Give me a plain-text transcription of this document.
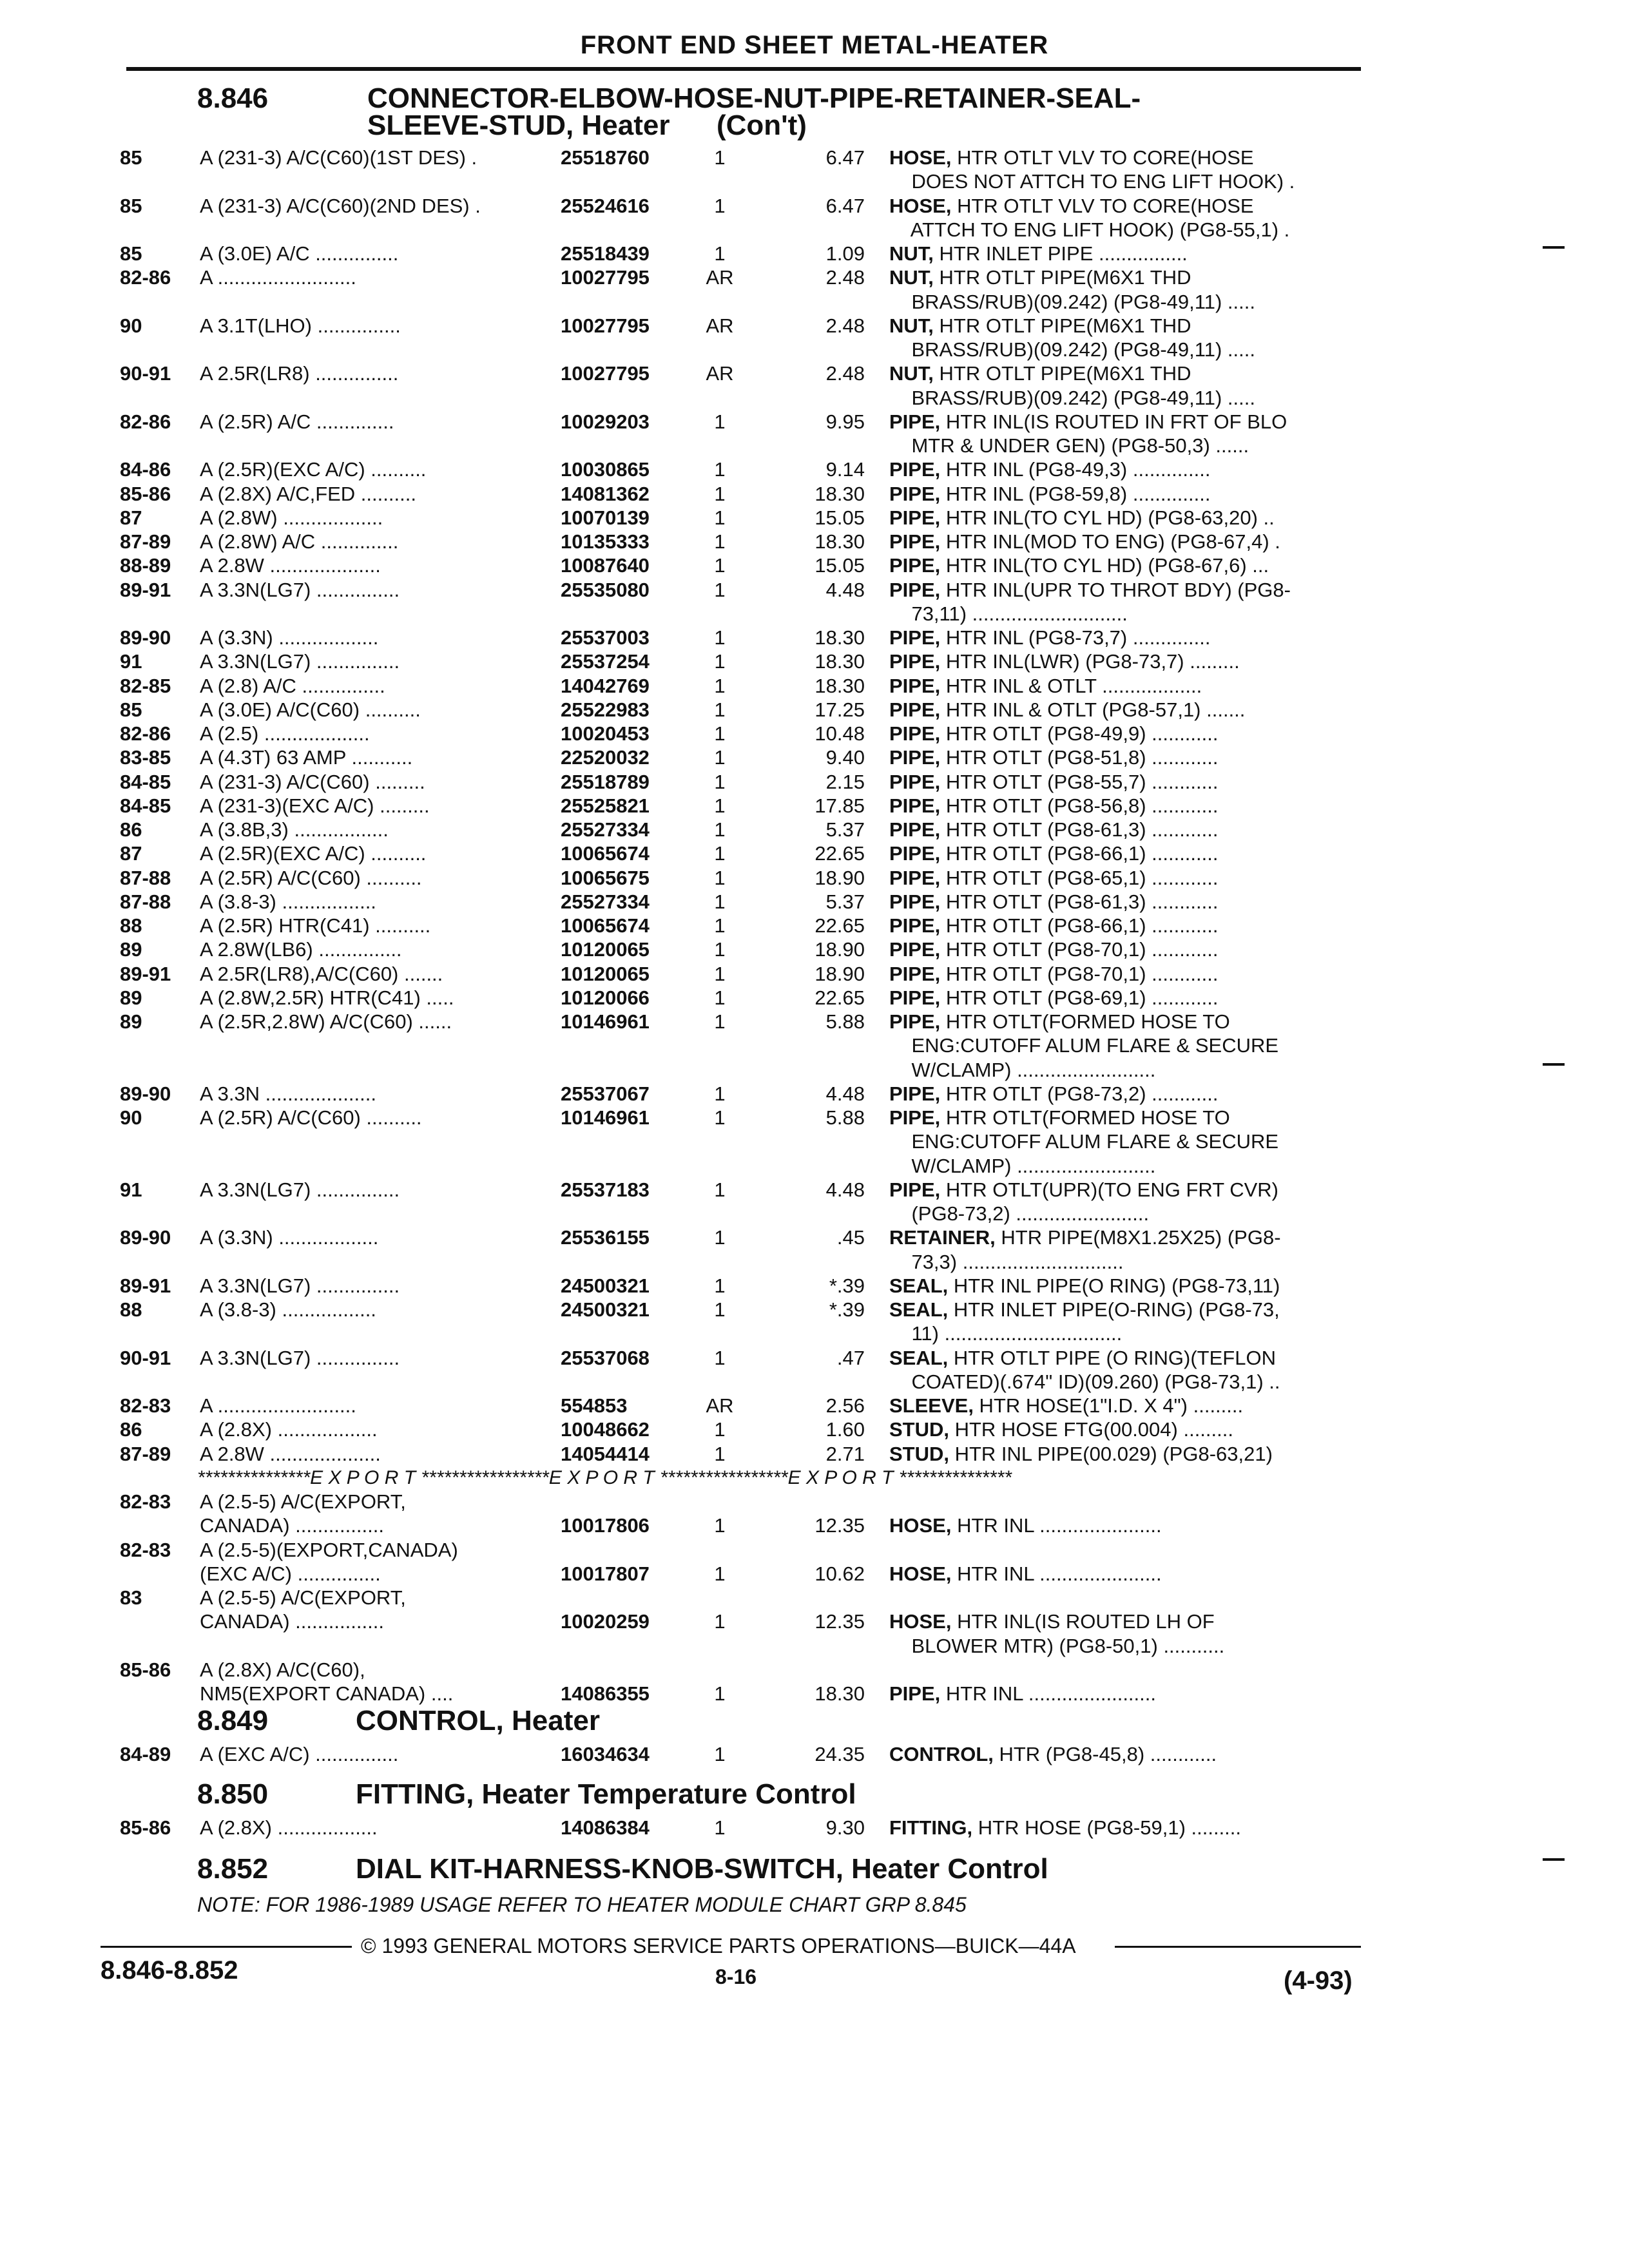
FRONT END SHEET METAL-HEATER
8.846	CONNECTOR-ELBOW-HOSE-NUT-PIPE-RETAINER-SEAL-
SLEEVE-STUD, Heater (Con't)
85	A (231-3) A/C(C60)(1ST DES) .	25518760	1	6.47 HOSE, HTR OTLT VLV TO CORE(HOSE
DOES NOT ATTCH TO ENG LIFT HOOK) .
85	A (231-3) A/C(C60)(2ND DES) .	25524616	1	6.47 HOSE, HTR OTLT VLV TO CORE(HOSE
ATTCH TO ENG LIFT HOOK) (PG8-55,1) .
85	A (3.0E) A/C ...............	25518439	1	1.09 NUT, HTR INLET PIPE ................
82-86 A .........................	10027795	AR	2.48 NUT, HTR OTLT PIPE(M6X1 THD
BRASS/RUB)(09.242) (PG8-49,11) .....
90	A 3.1T(LHO) ...............	10027795	AR	2.48 NUT, HTR OTLT PIPE(M6X1 THD
BRASS/RUB)(09.242) (PG8-49,11) .....
90-91 A 2.5R(LR8) ...............	10027795	AR	2.48 NUT, HTR OTLT PIPE(M6X1 THD
BRASS/RUB)(09.242) (PG8-49,11) .....
82-86 A (2.5R) A/C ..............	10029203	1	9.95 PIPE, HTR INL(IS ROUTED IN FRT OF BLO
MTR & UNDER GEN) (PG8-50,3) ......
84-86 A (2.5R)(EXC A/C) ..........	10030865	1	9.14 PIPE, HTR INL (PG8-49,3) ..............
85-86 A (2.8X) A/C,FED ..........	14081362	1	18.30 PIPE, HTR INL (PG8-59,8) ..............
87	A (2.8W) ..................	10070139	1	15.05 PIPE, HTR INL(TO CYL HD) (PG8-63,20) ..
87-89 A (2.8W) A/C ..............	10135333	1	18.30 PIPE, HTR INL(MOD TO ENG) (PG8-67,4) .
88-89 A 2.8W ....................	10087640	1	15.05 PIPE, HTR INL(TO CYL HD) (PG8-67,6) ...
89-91 A 3.3N(LG7) ...............	25535080	1	4.48 PIPE, HTR INL(UPR TO THROT BDY) (PG8-
73,11) ............................
89-90 A (3.3N) ..................	25537003	1	18.30 PIPE, HTR INL (PG8-73,7) ..............
91	A 3.3N(LG7) ...............	25537254	1	18.30 PIPE, HTR INL(LWR) (PG8-73,7) .........
82-85 A (2.8) A/C ...............	14042769	1	18.30 PIPE, HTR INL & OTLT ..................
85	A (3.0E) A/C(C60) ..........	25522983	1	17.25 PIPE, HTR INL & OTLT (PG8-57,1) .......
82-86 A (2.5) ...................	10020453	1	10.48 PIPE, HTR OTLT (PG8-49,9) ............
83-85 A (4.3T) 63 AMP ...........	22520032	1	9.40 PIPE, HTR OTLT (PG8-51,8) ............
84-85 A (231-3) A/C(C60) .........	25518789	1	2.15 PIPE, HTR OTLT (PG8-55,7) ............
84-85 A (231-3)(EXC A/C) .........	25525821	1	17.85 PIPE, HTR OTLT (PG8-56,8) ............
86	A (3.8B,3) .................	25527334	1	5.37 PIPE, HTR OTLT (PG8-61,3) ............
87	A (2.5R)(EXC A/C) ..........	10065674	1	22.65 PIPE, HTR OTLT (PG8-66,1) ............
87-88 A (2.5R) A/C(C60) ..........	10065675	1	18.90 PIPE, HTR OTLT (PG8-65,1) ............
87-88 A (3.8-3) .................	25527334	1	5.37 PIPE, HTR OTLT (PG8-61,3) ............
88	A (2.5R) HTR(C41) ..........	10065674	1	22.65 PIPE, HTR OTLT (PG8-66,1) ............
89	A 2.8W(LB6) ...............	10120065	1	18.90 PIPE, HTR OTLT (PG8-70,1) ............
89-91 A 2.5R(LR8),A/C(C60) .......	10120065	1	18.90 PIPE, HTR OTLT (PG8-70,1) ............
89	A (2.8W,2.5R) HTR(C41) .....	10120066	1	22.65 PIPE, HTR OTLT (PG8-69,1) ............
89	A (2.5R,2.8W) A/C(C60) ......	10146961	1	5.88 PIPE, HTR OTLT(FORMED HOSE TO
ENG:CUTOFF ALUM FLARE & SECURE
W/CLAMP) .........................
89-90 A 3.3N ....................	25537067	1	4.48 PIPE, HTR OTLT (PG8-73,2) ............
90	A (2.5R) A/C(C60) ..........	10146961	1	5.88 PIPE, HTR OTLT(FORMED HOSE TO
ENG:CUTOFF ALUM FLARE & SECURE
W/CLAMP) .........................
91	A 3.3N(LG7) ...............	25537183	1	4.48 PIPE, HTR OTLT(UPR)(TO ENG FRT CVR)
(PG8-73,2) ........................
89-90 A (3.3N) ..................	25536155	1	.45 RETAINER, HTR PIPE(M8X1.25X25) (PG8-
73,3) .............................
89-91 A 3.3N(LG7) ...............	24500321	1	*.39 SEAL, HTR INL PIPE(O RING) (PG8-73,11)
88	A (3.8-3) .................	24500321	1	*.39 SEAL, HTR INLET PIPE(O-RING) (PG8-73,
11) ................................
90-91 A 3.3N(LG7) ...............	25537068	1	.47 SEAL, HTR OTLT PIPE (O RING)(TEFLON
COATED)(.674" ID)(09.260) (PG8-73,1) ..
82-83 A .........................	554853	AR	2.56 SLEEVE, HTR HOSE(1"I.D. X 4") .........
86	A (2.8X) ..................	10048662	1	1.60 STUD, HTR HOSE FTG(00.004) .........
87-89 A 2.8W ....................	14054414	1	2.71 STUD, HTR INL PIPE(00.029) (PG8-63,21)
***************E X P O R T *****************E X P O R T *****************E X P O R T ***************
82-83 A (2.5-5) A/C(EXPORT,
CANADA) ................	10017806	1	12.35 HOSE, HTR INL ......................
82-83 A (2.5-5)(EXPORT,CANADA)
(EXC A/C) ...............	10017807	1	10.62 HOSE, HTR INL ......................
83	A (2.5-5) A/C(EXPORT,
CANADA) ................	10020259	1	12.35 HOSE, HTR INL(IS ROUTED LH OF
BLOWER MTR) (PG8-50,1) ...........
85-86 A (2.8X) A/C(C60),
NM5(EXPORT CANADA) ....	14086355	1	18.30 PIPE, HTR INL .......................
8.849	CONTROL, Heater
84-89 A (EXC A/C) ...............	16034634	1	24.35 CONTROL, HTR (PG8-45,8) ............
8.850	FITTING, Heater Temperature Control
85-86 A (2.8X) ..................	14086384	1	9.30 FITTING, HTR HOSE (PG8-59,1) .........
8.852	DIAL KIT-HARNESS-KNOB-SWITCH, Heater Control
NOTE: FOR 1986-1989 USAGE REFER TO HEATER MODULE CHART GRP 8.845
© 1993 GENERAL MOTORS SERVICE PARTS OPERATIONS—BUICK—44A
8.846-8.852	8-16	(4-93)
